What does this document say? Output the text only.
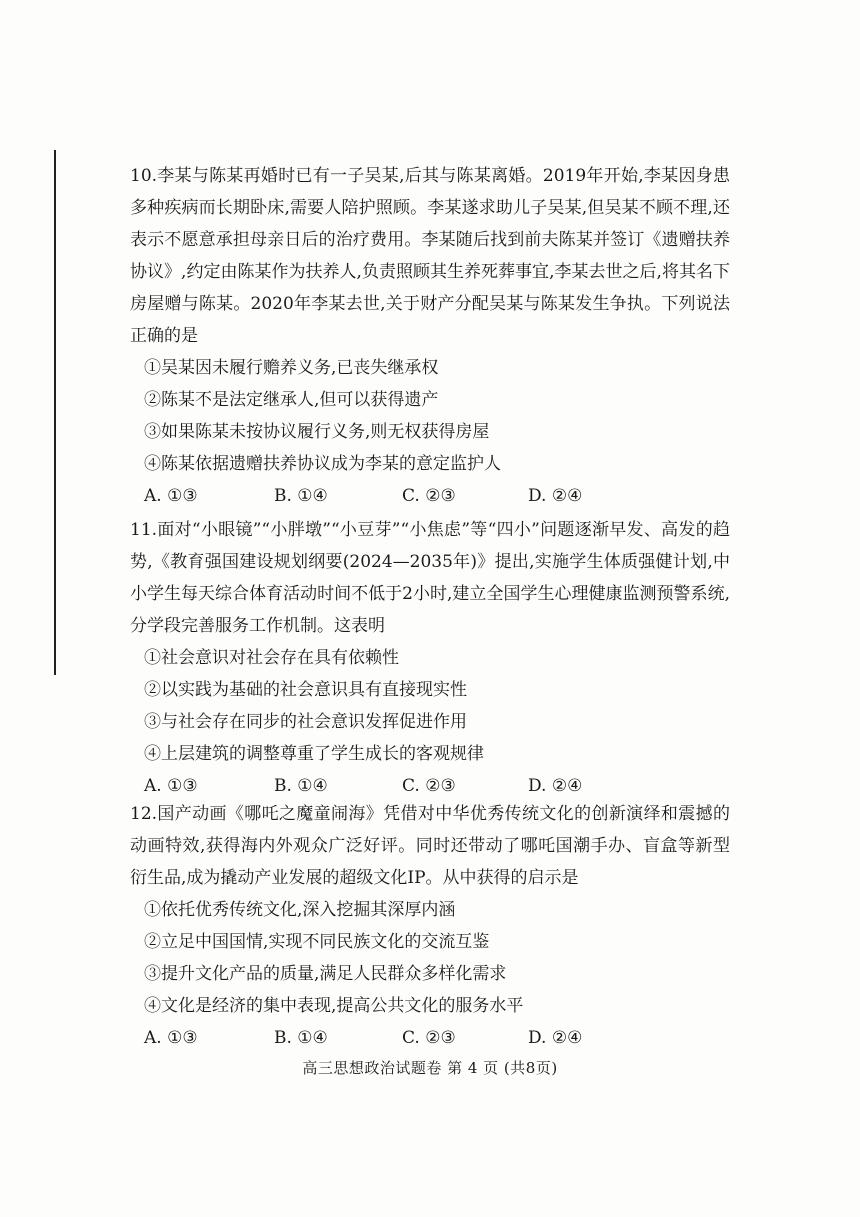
10.李某与陈某再婚时已有一子吴某,后其与陈某离婚。2019年开始,李某因身患多种疾病而长期卧床,需要人陪护照顾。李某遂求助儿子吴某,但吴某不顾不理,还表示不愿意承担母亲日后的治疗费用。李某随后找到前夫陈某并签订《遗赠扶养协议》,约定由陈某作为扶养人,负责照顾其生养死葬事宜,李某去世之后,将其名下房屋赠与陈某。2020年李某去世,关于财产分配吴某与陈某发生争执。下列说法正确的是

①吴某因未履行赡养义务,已丧失继承权

②陈某不是法定继承人,但可以获得遗产

③如果陈某未按协议履行义务,则无权获得房屋

④陈某依据遗赠扶养协议成为李某的意定监护人

A. ①③	B. ①④	C. ②③	D. ②④

11.面对“小眼镜”“小胖墩”“小豆芽”“小焦虑”等“四小”问题逐渐早发、高发的趋势,《教育强国建设规划纲要(2024—2035年)》提出,实施学生体质强健计划,中小学生每天综合体育活动时间不低于2小时,建立全国学生心理健康监测预警系统,分学段完善服务工作机制。这表明

①社会意识对社会存在具有依赖性

②以实践为基础的社会意识具有直接现实性

③与社会存在同步的社会意识发挥促进作用

④上层建筑的调整尊重了学生成长的客观规律

A. ①③	B. ①④	C. ②③	D. ②④

12.国产动画《哪吒之魔童闹海》凭借对中华优秀传统文化的创新演绎和震撼的动画特效,获得海内外观众广泛好评。同时还带动了哪吒国潮手办、盲盒等新型衍生品,成为撬动产业发展的超级文化IP。从中获得的启示是

①依托优秀传统文化,深入挖掘其深厚内涵

②立足中国国情,实现不同民族文化的交流互鉴

③提升文化产品的质量,满足人民群众多样化需求

④文化是经济的集中表现,提高公共文化的服务水平

A. ①③	B. ①④	C. ②③	D. ②④
高三思想政治试题卷 第 4 页 (共8页)
